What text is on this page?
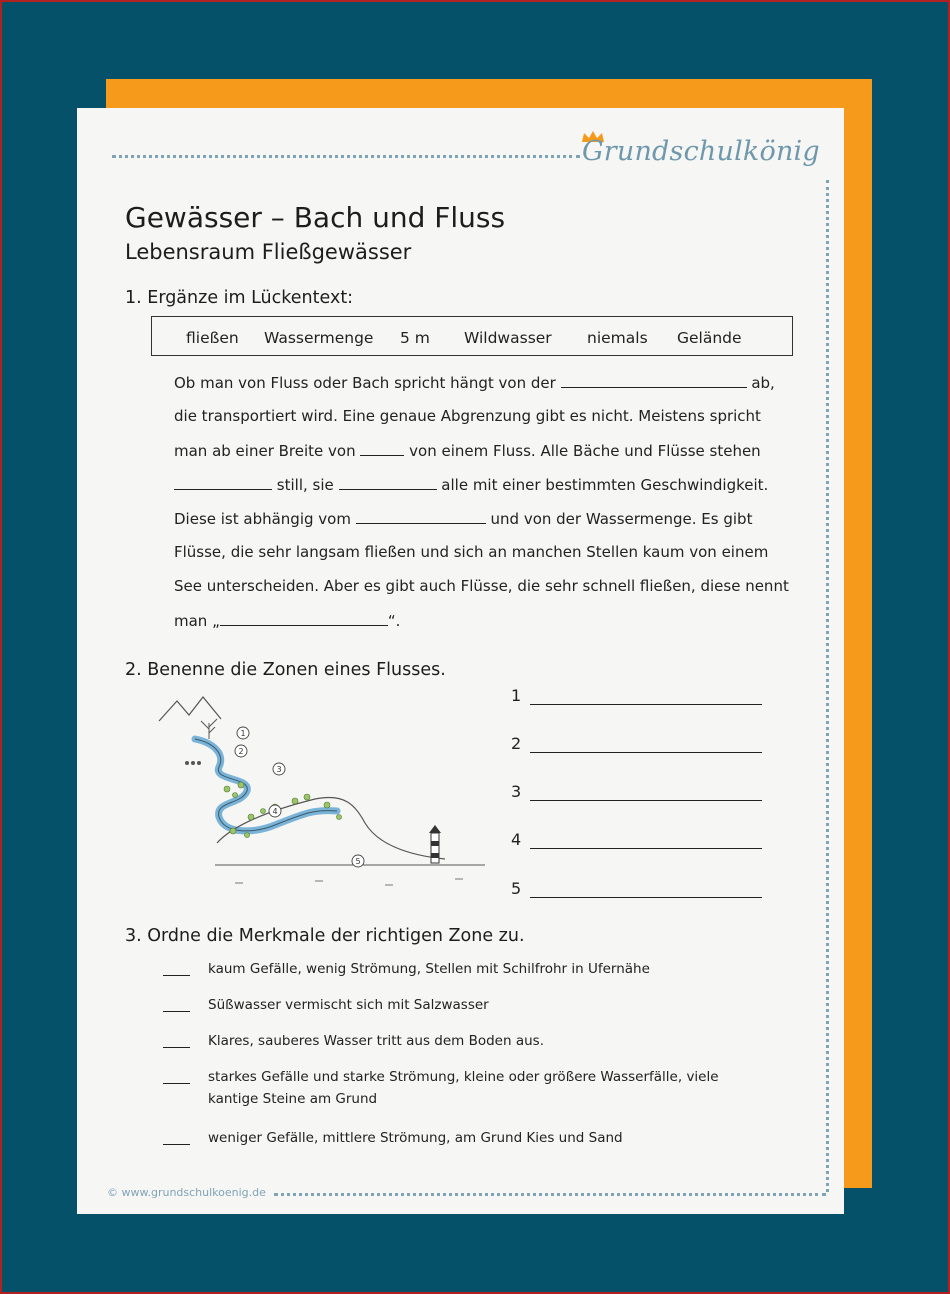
Grundschulkönig
Gewässer – Bach und Fluss
Lebensraum Fließgewässer
1. Ergänze im Lückentext:
fließen Wassermenge 5 m Wildwasser niemals Gelände
Ob man von Fluss oder Bach spricht hängt von der	ab,
die transportiert wird. Eine genaue Abgrenzung gibt es nicht. Meistens spricht
man ab einer Breite von	von einem Fluss. Alle Bäche und Flüsse stehen
still, sie	alle mit einer bestimmten Geschwindigkeit.
Diese ist abhängig vom	und von der Wassermenge. Es gibt
Flüsse, die sehr langsam fließen und sich an manchen Stellen kaum von einem
See unterscheiden. Aber es gibt auch Flüsse, die sehr schnell fließen, diese nennt
man „	“.
2. Benenne die Zonen eines Flusses.
1
2
3
4
5
1
2
3
4
5
3. Ordne die Merkmale der richtigen Zone zu.
kaum Gefälle, wenig Strömung, Stellen mit Schilfrohr in Ufernähe
Süßwasser vermischt sich mit Salzwasser
Klares, sauberes Wasser tritt aus dem Boden aus.
starkes Gefälle und starke Strömung, kleine oder größere Wasserfälle, viele kantige Steine am Grund
weniger Gefälle, mittlere Strömung, am Grund Kies und Sand
© www.grundschulkoenig.de
